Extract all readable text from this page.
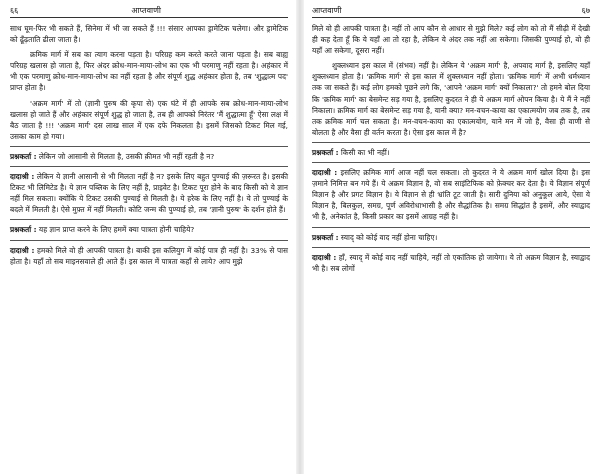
६६	आप्तवाणी

साथ घूम-फिर भी सकते हैं, सिनेमा में भी जा सकते हैं !!! संसार आपका ड्रामेटिक चलेगा। और ड्रामेटिक को ढूँढ़ताति ढीला जाता है।

क्रमिक मार्ग में सब का त्याग करना पड़ता है। परिग्रह कम करते करते जाना पड़ता है। सब बाह्य परिग्रह खलास हो जाता है, फिर अंदर क्रोध-मान-माया-लोभ का एक भी परमाणु नहीं रहता है। अहंकार में भी एक परमाणु क्रोध-मान-माया-लोभ का नहीं रहता है और संपूर्ण शुद्ध अहंकार होता है, तब 'शुद्धात्म पद' प्राप्त होता है।

'अक्रम मार्ग' में तो (ज्ञानी पुरुष की कृपा से) एक घंटे में ही आपके सब क्रोध-मान-माया-लोभ खलास हो जाते हैं और अहंकार संपूर्ण शुद्ध हो जाता है, तब ही आपको निरंतर 'मैं शुद्धात्मा हूँ' ऐसा लक्ष में बैठ जाता है !!! 'अक्रम मार्ग' दस लाख साल में एक दफे निकलता है। इसमें जिसको टिकट मिल गई, उसका काम हो गया।

प्रश्नकर्ता : लेकिन जो आसानी से मिलता है, उसकी क़ीमत भी नहीं रहती है न?

दादाश्री : लेकिन ये ज्ञानी आसानी से भी मिलता नहीं है न? इसके लिए बहुत पुण्याई की ज़रूरत है। इसकी टिकट भी लिमिटेड है। ये ज्ञान पब्लिक के लिए नहीं है, प्राइवेट है। टिकट पूरा होने के बाद किसी को ये ज्ञान नहीं मिल सकता। क्योंकि ये टिकट उसकी पुण्याई से मिलती है। ये हरेक के लिए नहीं है। ये तो पुण्याई के बदले में मिलती है। ऐसे मुफ़्त में नहीं मिलती। कोटि जन्म की पुण्याई हो, तब 'ज्ञानी पुरुष' के दर्शन होते हैं।

प्रश्नकर्ता : यह ज्ञान प्राप्त करने के लिए हममें क्या पात्रता होनी चाहिये?

दादाश्री : हमको मिले वो ही आपकी पात्रता है। बाकी इस कलियुग में कोई पात्र ही नहीं है। 33% से पास होता है। यहाँ तो सब माइनसवाले ही आते हैं। इस काल में पात्रता कहाँ से लाये? आप मुझे

आप्तवाणी	६७

मिले वो ही आपकी पात्रता है। नहीं तो आप कौन से आधार से मुझे मिले? कई लोग को तो मैं सीढ़ी में देखी ही कह देता हूँ कि ये यहाँ आ तो रहा है, लेकिन ये अंदर तक नहीं आ सकेगा। जिसकी पुण्याई हो, वो ही यहाँ आ सकेगा, दूसरा नहीं।

शुक्लध्यान इस काल में (संभव) नहीं है। लेकिन ये 'अक्रम मार्ग' है, अपवाद मार्ग है, इसलिए यहाँ शुक्लध्यान होता है। 'क्रमिक मार्ग' से इस काल में शुक्लध्यान नहीं होता। 'क्रमिक मार्ग' में अभी धर्मध्यान तक जा सकते हैं। कई लोग हमको पूछने लगे कि, 'आपने 'अक्रम मार्ग' क्यों निकाला?' तो हमने बोल दिया कि 'क्रमिक मार्ग' का बेसमेन्ट सड़ गया है, इसलिए कुदरत ने ही ये अक्रम मार्ग ओपन किया है। ये मैं ने नहीं निकाला। क्रमिक मार्ग का बेसमेन्ट सड़ गया है, यानी क्या? मन-वचन-काया का एकात्मयोग जब तक है, तब तक क्रमिक मार्ग चल सकता है। मन-वचन-काया का एकात्मयोग, याने मन में जो है, वैसा ही वाणी से बोलता है और वैसा ही वर्तन करता है। ऐसा इस काल में है?

प्रश्नकर्ता : किसी का भी नहीं।

दादाश्री : इसलिए क्रमिक मार्ग आज नहीं चल सकता। तो कुदरत ने ये अक्रम मार्ग खोल दिया है। इस ज़माने निमित्त बन गये हैं। ये अक्रम विज्ञान है, वो सब साइंटिफिक को फ़ेक्चर कर देता है। ये विज्ञान संपूर्ण विज्ञान है और प्रगट विज्ञान है। ये विज्ञान से ही भ्रांति टूट जाती है। सारी दुनिया को अनुकूल आये, ऐसा ये विज्ञान है, बिलकुल, समग्र, पूर्ण अविरोधाभासी है और सैद्धांतिक है। समग्र सिद्धांत है इसमें, और स्याद्वाद भी है, अनेकांत है, किसी प्रकार का इसमें आग्रह नहीं है।

प्रश्नकर्ता : स्याद् को कोई वाद नहीं होना चाहिए।

दादाश्री : हाँ, स्याद् में कोई वाद नहीं चाहिये, नहीं तो एकांतिक हो जायेगा। ये तो अक्रम विज्ञान है, स्याद्वाद भी है। सब लोगों
